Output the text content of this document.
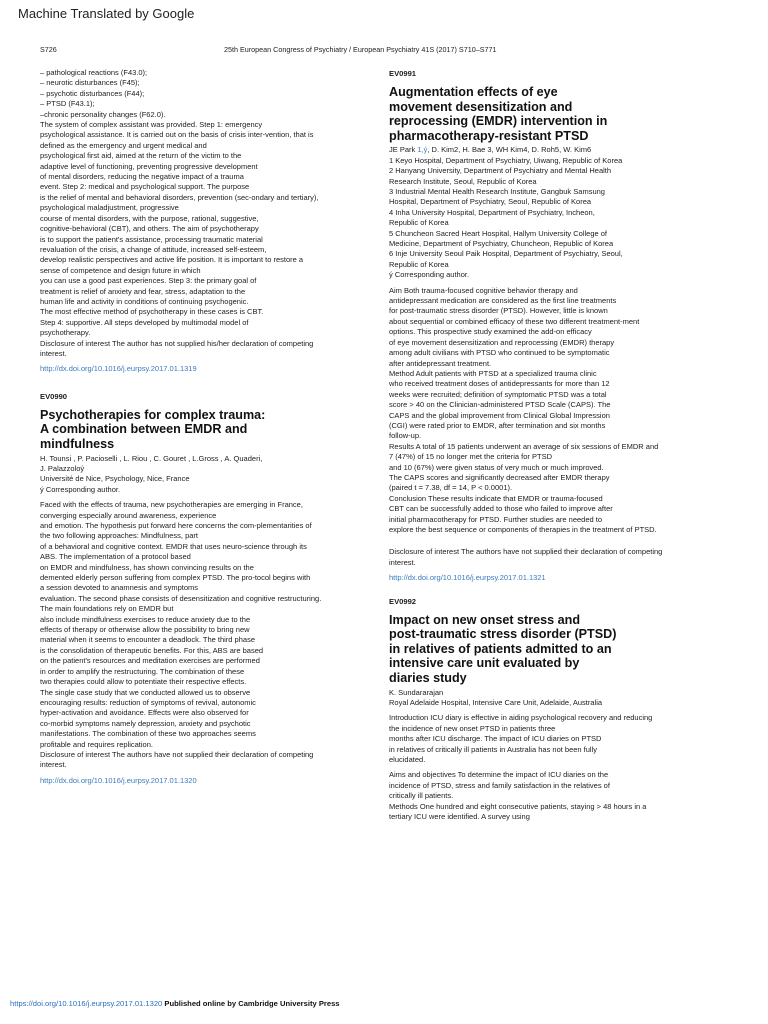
Machine Translated by Google
S726	25th European Congress of Psychiatry / European Psychiatry 41S (2017) S710–S771
– pathological reactions (F43.0);
– neurotic disturbances (F45);
– psychotic disturbances (F44);
– PTSD (F43.1);
–chronic personality changes (F62.0).
The system of complex assistant was provided. Step 1: emergency
psychological assistance. It is carried out on the basis of crisis inter-vention, that is
defined as the emergency and urgent medical and
psychological first aid, aimed at the return of the victim to the
adaptive level of functioning, preventing progressive development
of mental disorders, reducing the negative impact of a trauma
event. Step 2: medical and psychological support. The purpose
is the relief of mental and behavioral disorders, prevention (sec-ondary and tertiary),
psychological maladjustment, progressive
course of mental disorders, with the purpose, rational, suggestive,
cognitive-behavioral (CBT), and others. The aim of psychotherapy
is to support the patient's assistance, processing traumatic material
revaluation of the crisis, a change of attitude, increased self-esteem,
develop realistic perspectives and active life position. It is important to restore a
sense of competence and design future in which
you can use a good past experiences. Step 3: the primary goal of
treatment is relief of anxiety and fear, stress, adaptation to the
human life and activity in conditions of continuing psychogenic.
The most effective method of psychotherapy in these cases is CBT.
Step 4: supportive. All steps developed by multimodal model of
psychotherapy.
Disclosure of interest The author has not supplied his/her declaration of competing
interest.
http://dx.doi.org/10.1016/j.eurpsy.2017.01.1319
EV0990
Psychotherapies for complex trauma:
A combination between EMDR and
mindfulness
H. Tounsi , P. Pacioselli , L. Riou , C. Gouret , L.Gross , A. Quaderi,
J. Palazzoloý
Université de Nice, Psychology, Nice, France
ý Corresponding author.
Faced with the effects of trauma, new psychotherapies are emerging in France,
converging especially around awareness, experience
and emotion. The hypothesis put forward here concerns the com-plementarities of
the two following approaches: Mindfulness, part
of a behavioral and cognitive context. EMDR that uses neuro-science through its
ABS. The implementation of a protocol based
on EMDR and mindfulness, has shown convincing results on the
demented elderly person suffering from complex PTSD. The pro-tocol begins with
a session devoted to anamnesis and symptoms
evaluation. The second phase consists of desensitization and cognitive restructuring.
The main foundations rely on EMDR but
also include mindfulness exercises to reduce anxiety due to the
effects of therapy or otherwise allow the possibility to bring new
material when it seems to encounter a deadlock. The third phase
is the consolidation of therapeutic benefits. For this, ABS are based
on the patient's resources and meditation exercises are performed
in order to amplify the restructuring. The combination of these
two therapies could allow to potentiate their respective effects.
The single case study that we conducted allowed us to observe
encouraging results: reduction of symptoms of revival, autonomic
hyper-activation and avoidance. Effects were also observed for
co-morbid symptoms namely depression, anxiety and psychotic
manifestations. The combination of these two approaches seems
profitable and requires replication.
Disclosure of interest The authors have not supplied their declaration of competing
interest.
http://dx.doi.org/10.1016/j.eurpsy.2017.01.1320
EV0991
Augmentation effects of eye
movement desensitization and
reprocessing (EMDR) intervention in
pharmacotherapy-resistant PTSD
JE Park 1,ý, D. Kim2, H. Bae 3, WH Kim4, D. Roh5, W. Kim6
1 Keyo Hospital, Department of Psychiatry, Uiwang, Republic of Korea
2 Hanyang University, Department of Psychiatry and Mental Health
Research Institute, Seoul, Republic of Korea
3 Industrial Mental Health Research Institute, Gangbuk Samsung
Hospital, Department of Psychiatry, Seoul, Republic of Korea
4 Inha University Hospital, Department of Psychiatry, Incheon,
Republic of Korea
5 Chuncheon Sacred Heart Hospital, Hallym University College of
Medicine, Department of Psychiatry, Chuncheon, Republic of Korea
6 Inje University Seoul Paik Hospital, Department of Psychiatry, Seoul,
Republic of Korea
ý Corresponding author.
Aim Both trauma-focused cognitive behavior therapy and
antidepressant medication are considered as the first line treatments
for post-traumatic stress disorder (PTSD). However, little is known
about sequential or combined efficacy of these two different treatment-ment
options. This prospective study examined the add-on efficacy
of eye movement desensitization and reprocessing (EMDR) therapy
among adult civilians with PTSD who continued to be symptomatic
after antidepressant treatment.
Method Adult patients with PTSD at a specialized trauma clinic
who received treatment doses of antidepressants for more than 12
weeks were recruited; definition of symptomatic PTSD was a total
score > 40 on the Clinician-administered PTSD Scale (CAPS). The
CAPS and the global improvement from Clinical Global Impression
(CGI) were rated prior to EMDR, after termination and six months
follow-up.
Results A total of 15 patients underwent an average of six sessions of EMDR and
7 (47%) of 15 no longer met the criteria for PTSD
and 10 (67%) were given status of very much or much improved.
The CAPS scores and significantly decreased after EMDR therapy
(paired t = 7.38, df = 14, P < 0.0001).
Conclusion These results indicate that EMDR or trauma-focused
CBT can be successfully added to those who failed to improve after
initial pharmacotherapy for PTSD. Further studies are needed to
explore the best sequence or components of therapies in the treatment of PTSD.
Disclosure of interest The authors have not supplied their declaration of competing
interest.
http://dx.doi.org/10.1016/j.eurpsy.2017.01.1321
EV0992
Impact on new onset stress and
post-traumatic stress disorder (PTSD)
in relatives of patients admitted to an
intensive care unit evaluated by
diaries study
K. Sundararajan
Royal Adelaide Hospital, Intensive Care Unit, Adelaide, Australia
Introduction ICU diary is effective in aiding psychological recovery and reducing
the incidence of new onset PTSD in patients three
months after ICU discharge. The impact of ICU diaries on PTSD
in relatives of critically ill patients in Australia has not been fully
elucidated.
Aims and objectives To determine the impact of ICU diaries on the
incidence of PTSD, stress and family satisfaction in the relatives of
critically ill patients.
Methods One hundred and eight consecutive patients, staying > 48 hours in a
tertiary ICU were identified. A survey using
https://doi.org/10.1016/j.eurpsy.2017.01.1320 Published online by Cambridge University Press
